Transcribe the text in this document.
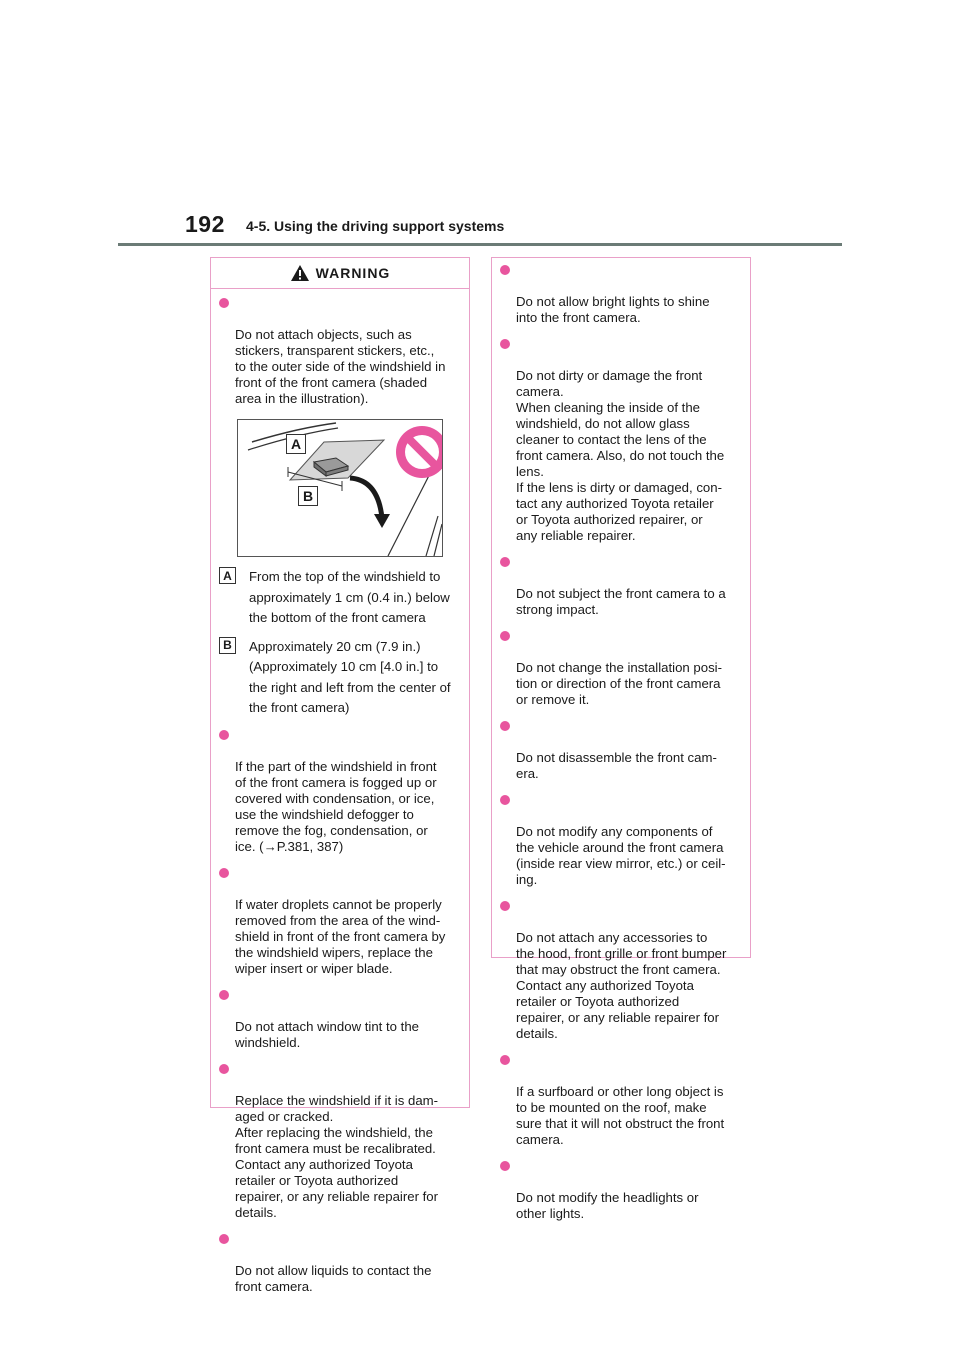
192 4-5. Using the driving support systems
WARNING

Do not attach objects, such as
stickers, transparent stickers, etc.,
to the outer side of the windshield in
front of the front camera (shaded
area in the illustration).

A
B
A	From the top of the windshield to
approximately 1 cm (0.4 in.) below
the bottom of the front camera
B	Approximately 20 cm (7.9 in.)
(Approximately 10 cm [4.0 in.] to
the right and left from the center of
the front camera)

If the part of the windshield in front
of the front camera is fogged up or
covered with condensation, or ice,
use the windshield defogger to
remove the fog, condensation, or
ice. (→P.381, 387)

If water droplets cannot be properly
removed from the area of the wind-
shield in front of the front camera by
the windshield wipers, replace the
wiper insert or wiper blade.

Do not attach window tint to the
windshield.

Replace the windshield if it is dam-
aged or cracked.
After replacing the windshield, the
front camera must be recalibrated.
Contact any authorized Toyota
retailer or Toyota authorized
repairer, or any reliable repairer for
details.

Do not allow liquids to contact the
front camera.

Do not allow bright lights to shine
into the front camera.

Do not dirty or damage the front
camera.
When cleaning the inside of the
windshield, do not allow glass
cleaner to contact the lens of the
front camera. Also, do not touch the
lens.
If the lens is dirty or damaged, con-
tact any authorized Toyota retailer
or Toyota authorized repairer, or
any reliable repairer.

Do not subject the front camera to a
strong impact.

Do not change the installation posi-
tion or direction of the front camera
or remove it.

Do not disassemble the front cam-
era.

Do not modify any components of
the vehicle around the front camera
(inside rear view mirror, etc.) or ceil-
ing.

Do not attach any accessories to
the hood, front grille or front bumper
that may obstruct the front camera.
Contact any authorized Toyota
retailer or Toyota authorized
repairer, or any reliable repairer for
details.

If a surfboard or other long object is
to be mounted on the roof, make
sure that it will not obstruct the front
camera.

Do not modify the headlights or
other lights.
